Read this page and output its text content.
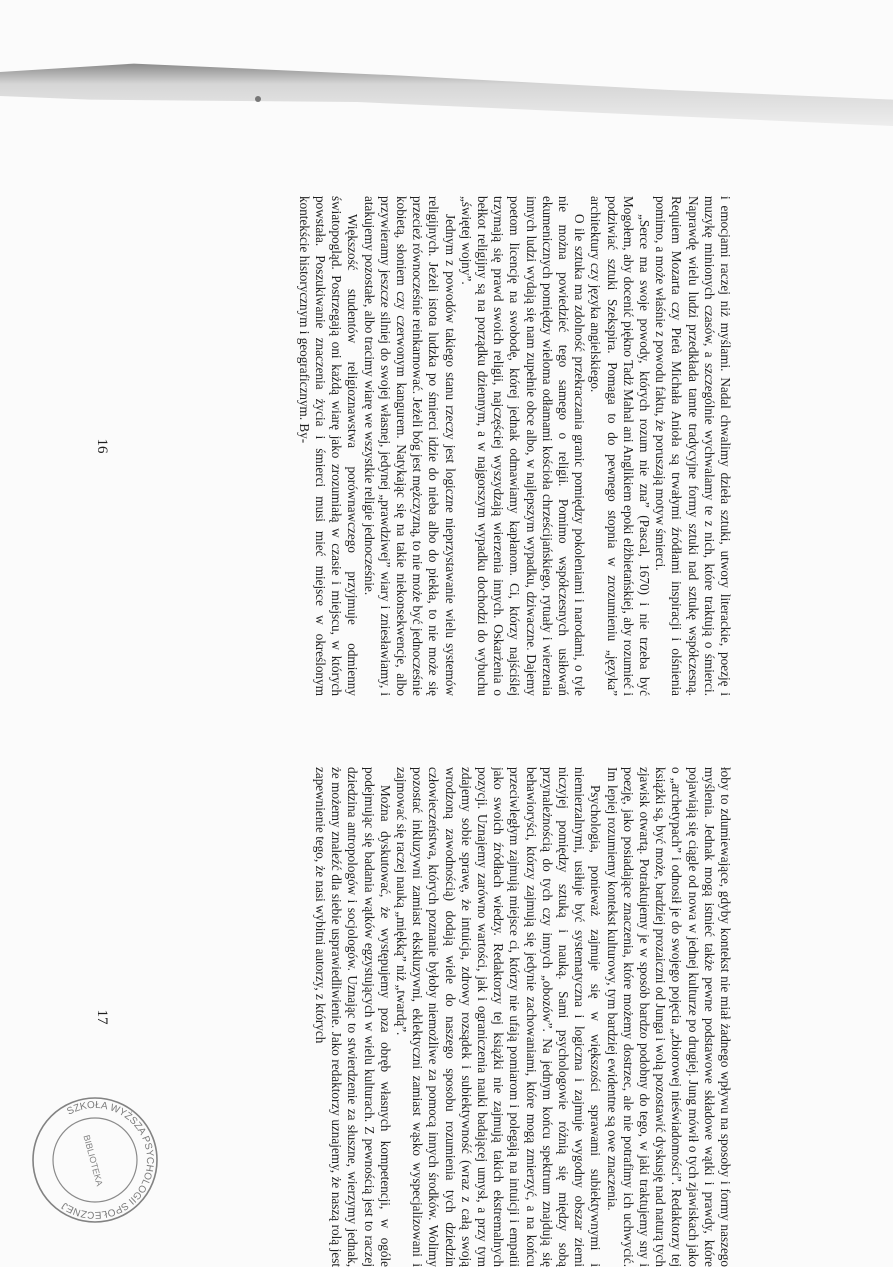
i emocjami raczej niż myślami. Nadal chwalimy dzieła sztuki, utwory literackie, poezję i muzykę minionych czasów, a szczególnie wychwalamy te z nich, które traktują o śmierci. Naprawdę wielu ludzi przedkłada tamte tradycyjne formy sztuki nad sztukę współczesną. Requiem Mozarta czy Pietà Michała Anioła są trwałymi źródłami inspiracji i olśnienia pomimo, a może właśnie z powodu faktu, że poruszają motyw śmierci.

„Serce ma swoje powody, których rozum nie zna” (Pascal, 1670) i nie trzeba być Mogołem, aby docenić piękno Tadż Mahal ani Anglikiem epoki elżbietańskiej, aby rozumieć i podziwiać sztuki Szekspira. Pomaga to do pewnego stopnia w zrozumieniu „języka” architektury czy języka angielskiego.

O ile sztuka ma zdolność przekraczania granic pomiędzy pokoleniami i narodami, o tyle nie można powiedzieć tego samego o religii. Pomimo współczesnych usiłowań ekumenicznych pomiędzy wieloma odłamami kościoła chrześcijańskiego, rytuały i wierzenia innych ludzi wydają się nam zupełnie obce albo, w najlepszym wypadku, dziwaczne. Dajemy poetom licencję na swobodę, której jednak odmawiamy kapłanom. Ci, którzy najściślej trzymają się prawd swoich religii, najczęściej wyszydzają wierzenia innych. Oskarżenia o bełkot religijny są na porządku dziennym, a w najgorszym wypadku dochodzi do wybuchu „świętej wojny”.

Jednym z powodów takiego stanu rzeczy jest logiczne nieprzystawanie wielu systemów religijnych. Jeżeli istota ludzka po śmierci idzie do nieba albo do piekła, to nie może się przecież równocześnie reinkarnować. Jeżeli bóg jest mężczyzną, to nie może być jednocześnie kobietą, słoniem czy czerwonym kangurem. Natykając się na takie niekonsekwencje, albo przywieramy jeszcze silniej do swojej własnej, jedynej „prawdziwej” wiary i zniesławiamy, i atakujemy pozostałe, albo tracimy wiarę we wszystkie religie jednocześnie.

Większość studentów religioznawstwa porównawczego przyjmuje odmienny światopogląd. Postrzegają oni każdą wiarę jako zrozumiałą w czasie i miejscu, w których powstała. Poszukiwanie znaczenia życia i śmierci musi mieć miejsce w określonym kontekście historycznym i geograficznym. By-

16

łoby to zdumiewające, gdyby kontekst nie miał żadnego wpływu na sposoby i formy naszego myślenia. Jednak mogą istnieć także pewne podstawowe składowe wątki i prawdy, które pojawiają się ciągle od nowa w jednej kulturze po drugiej. Jung mówił o tych zjawiskach jako o „archetypach” i odnosił je do swojego pojęcia „zbiorowej nieświadomości”. Redaktorzy tej książki są, być może, bardziej prozaiczni od Junga i wolą pozostawić dyskusję nad naturą tych zjawisk otwartą. Potraktujemy je w sposób bardzo podobny do tego, w jaki traktujemy sny i poezję, jako posiadające znaczenia, które możemy dostrzec, ale nie potrafimy ich uchwycić. Im lepiej rozumiemy kontekst kulturowy, tym bardziej ewidentne są owe znaczenia.

Psychologia, ponieważ zajmuje się w większości sprawami subiektywnymi i niemierzalnymi, usiłuje być systematyczna i logiczna i zajmuje wygodny obszar ziemi niczyjej pomiędzy sztuką i nauką. Sami psychologowie różnią się między sobą przynależnością do tych czy innych „obozów”. Na jednym końcu spektrum znajdują się behawioryści, którzy zajmują się jedynie zachowaniami, które mogą zmierzyć, a na końcu przeciwległym zajmują miejsce ci, którzy nie ufają pomiarom i polegają na intuicji i empatii jako swoich źródłach wiedzy. Redaktorzy tej książki nie zajmują takich ekstremalnych pozycji. Uznajemy zarówno wartości, jak i ograniczenia nauki badającej umysł, a przy tym zdajemy sobie sprawę, że intuicja, zdrowy rozsądek i subiektywność (wraz z całą swoją wrodzoną zawodnością) dodają wiele do naszego sposobu rozumienia tych dziedzin człowieczeństwa, których poznanie byłoby niemożliwe za pomocą innych środków. Wolimy pozostać inkluzywni zamiast ekskluzywni, eklektyczni zamiast wąsko wyspecjalizowani i zajmować się raczej nauką „miękką” niż „twardą”.

Można dyskutować, że występujemy poza obręb własnych kompetencji, w ogóle podejmując się badania wątków egzystujących w wielu kulturach. Z pewnością jest to raczej dziedzina antropologów i socjologów. Uznając to stwierdzenie za słuszne, wierzymy jednak, że możemy znaleźć dla siebie usprawiedliwienie. Jako redaktorzy uznajemy, że naszą rolą jest zapewnienie tego, że nasi wybitni autorzy, z których

17
SZKOŁA WYŻSZA PSYCHOLOGII SPOŁECZNEJ
BIBLIOTEKA
